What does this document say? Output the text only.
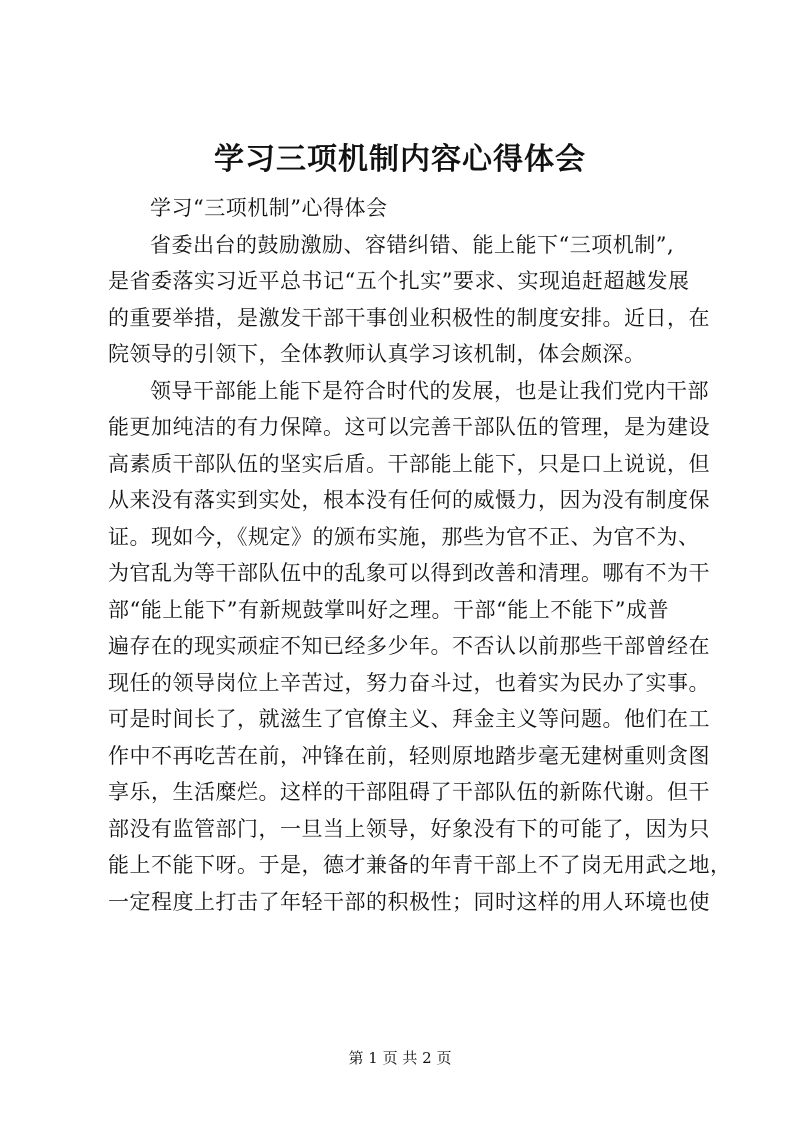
学习三项机制内容心得体会
学习“三项机制”心得体会
省委出台的鼓励激励、容错纠错、能上能下“三项机制”,
是省委落实习近平总书记“五个扎实”要求、实现追赶超越发展
的重要举措，是激发干部干事创业积极性的制度安排。近日，在
院领导的引领下，全体教师认真学习该机制，体会颇深。
领导干部能上能下是符合时代的发展，也是让我们党内干部
能更加纯洁的有力保障。这可以完善干部队伍的管理，是为建设
高素质干部队伍的坚实后盾。干部能上能下，只是口上说说，但
从来没有落实到实处，根本没有任何的威慑力，因为没有制度保
证。现如今，《规定》的颁布实施，那些为官不正、为官不为、
为官乱为等干部队伍中的乱象可以得到改善和清理。哪有不为干
部“能上能下”有新规鼓掌叫好之理。干部“能上不能下”成普
遍存在的现实顽症不知已经多少年。不否认以前那些干部曾经在
现任的领导岗位上辛苦过，努力奋斗过，也着实为民办了实事。
可是时间长了，就滋生了官僚主义、拜金主义等问题。他们在工
作中不再吃苦在前，冲锋在前，轻则原地踏步毫无建树重则贪图
享乐，生活糜烂。这样的干部阻碍了干部队伍的新陈代谢。但干
部没有监管部门，一旦当上领导，好象没有下的可能了，因为只
能上不能下呀。于是，德才兼备的年青干部上不了岗无用武之地，
一定程度上打击了年轻干部的积极性；同时这样的用人环境也使
第 1 页 共 2 页
